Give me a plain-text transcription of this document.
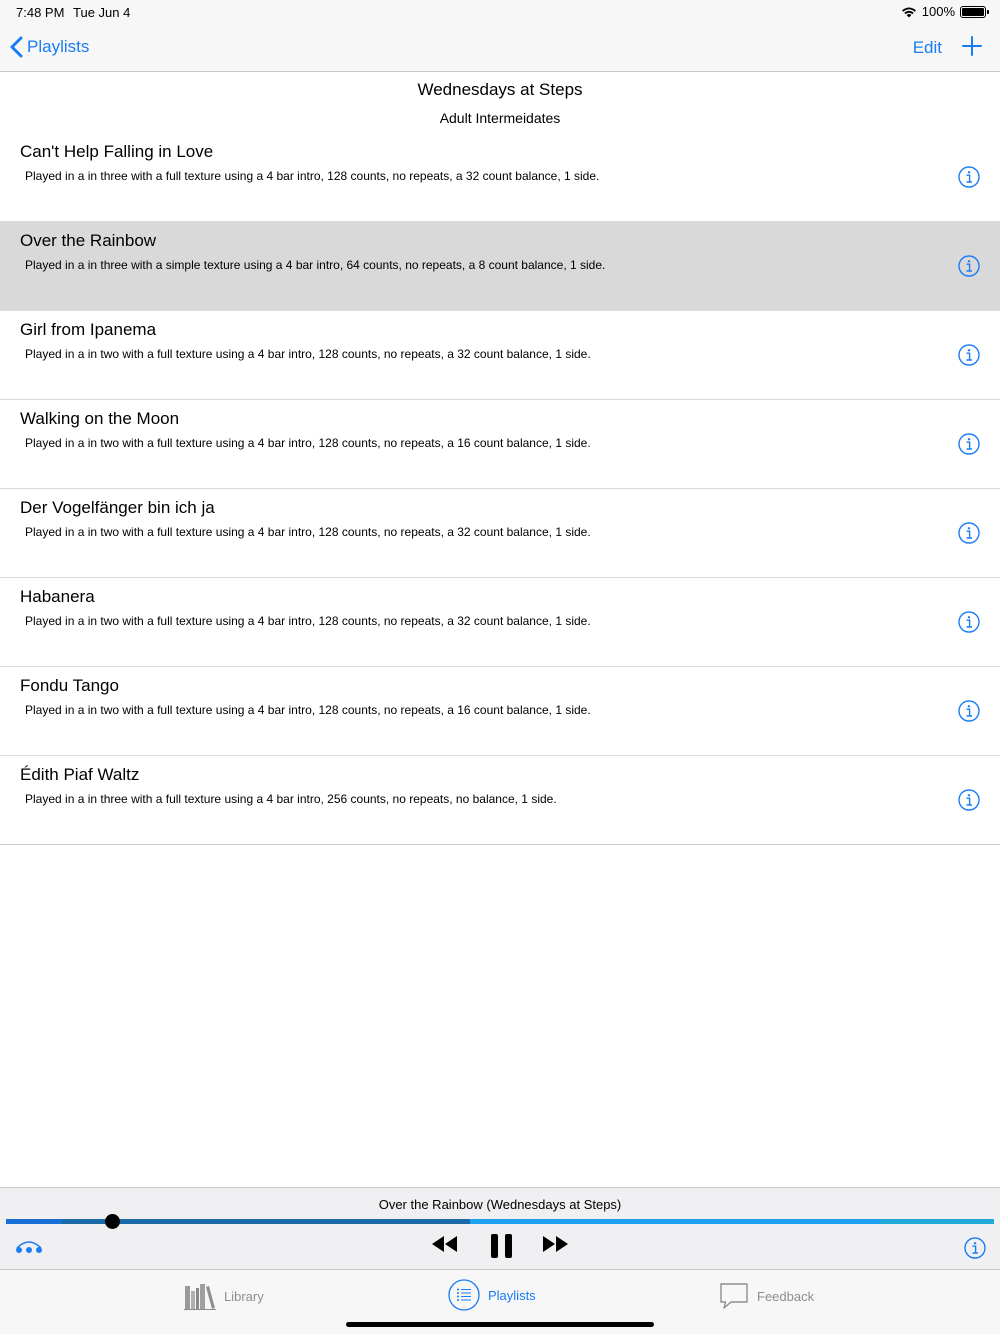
7:48 PM Tue Jun 4	100%
Playlists	Edit
Wednesdays at Steps
Adult Intermeidates
Can't Help Falling in Love
Played in a in three with a full texture using a 4 bar intro, 128 counts, no repeats, a 32 count balance, 1 side.
Over the Rainbow
Played in a in three with a simple texture using a 4 bar intro, 64 counts, no repeats, a 8 count balance, 1 side.
Girl from Ipanema
Played in a in two with a full texture using a 4 bar intro, 128 counts, no repeats, a 32 count balance, 1 side.
Walking on the Moon
Played in a in two with a full texture using a 4 bar intro, 128 counts, no repeats, a 16 count balance, 1 side.
Der Vogelfänger bin ich ja
Played in a in two with a full texture using a 4 bar intro, 128 counts, no repeats, a 32 count balance, 1 side.
Habanera
Played in a in two with a full texture using a 4 bar intro, 128 counts, no repeats, a 32 count balance, 1 side.
Fondu Tango
Played in a in two with a full texture using a 4 bar intro, 128 counts, no repeats, a 16 count balance, 1 side.
Édith Piaf Waltz
Played in a in three with a full texture using a 4 bar intro, 256 counts, no repeats, no balance, 1 side.
Over the Rainbow (Wednesdays at Steps)
Library	Playlists	Feedback
